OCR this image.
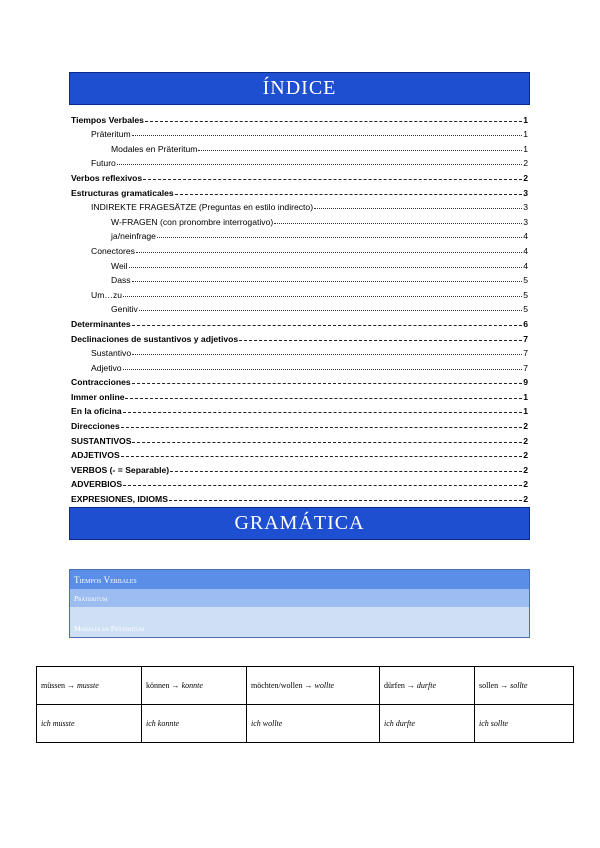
ÍNDICE
Tiempos Verbales	1
Präteritum	1
Modales en Präteritum	1
Futuro	2
Verbos reflexivos	2
Estructuras gramaticales	3
INDIREKTE FRAGESÄTZE (Preguntas en estilo indirecto)	3
W-FRAGEN (con pronombre interrogativo)	3
ja/neinfrage	4
Conectores	4
Weil	4
Dass	5
Um…zu	5
Genitiv	5
Determinantes	6
Declinaciones de sustantivos y adjetivos	7
Sustantivo	7
Adjetivo	7
Contracciones	9
Immer online	1
En la oficina	1
Direcciones	2
SUSTANTIVOS	2
ADJETIVOS	2
VERBOS (- = Separable)	2
ADVERBIOS	2
EXPRESIONES, IDIOMS	2
GRAMÁTICA
Tiempos Verbales
Präteritum
Modales en Präteritum
müssen → musste	können → konnte	möchten/wollen → wollte	dürfen → durfte	sollen → sollte
ich musste	ich konnte	ich wollte	ich durfte	ich sollte
